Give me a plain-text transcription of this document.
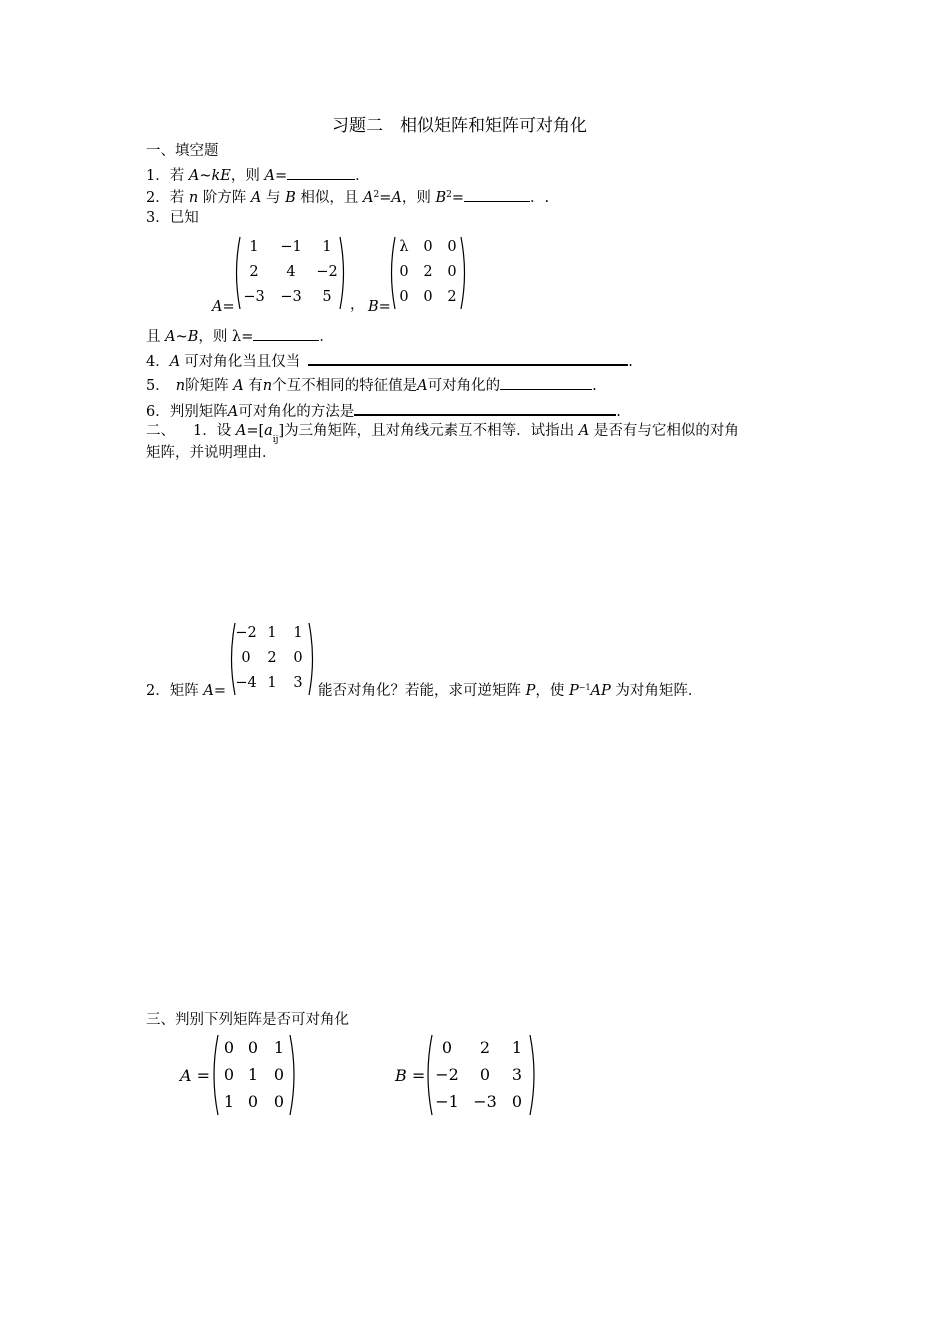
习题二　相似矩阵和矩阵可对角化
一、填空题
1．若 A~kE，则 A=	．
2．若 n 阶方阵 A 与 B 相似，且 $A^2=A$，则 $B^2=$	．.
3．已知
A=
1	−1	1
2	4	−2
−3 −3	5	， B=
λ 0 0
0 2 0
0 0 2
且 A~B，则 λ=	．
4．A 可对角化当且仅当	.
5． n阶矩阵 A 有n个互不相同的特征值是A可对角化的	.
6．判别矩阵A可对角化的方法是	.
二、 1．设 $A=[a_{ij}]$为三角矩阵，且对角线元素互不相等．试指出 A 是否有与它相似的对角
矩阵，并说明理由．
2．矩阵 A=
−2 1 1
0	2 0
−4 1 3 能否对角化？若能，求可逆矩阵 P，使 $P^{-1}AP$ 为对角矩阵．
三、判别下列矩阵是否可对角化
A =
0 0 1
0 1 0
1 0 0
B =
0	2	1
−2	0	3
−1 −3 0
